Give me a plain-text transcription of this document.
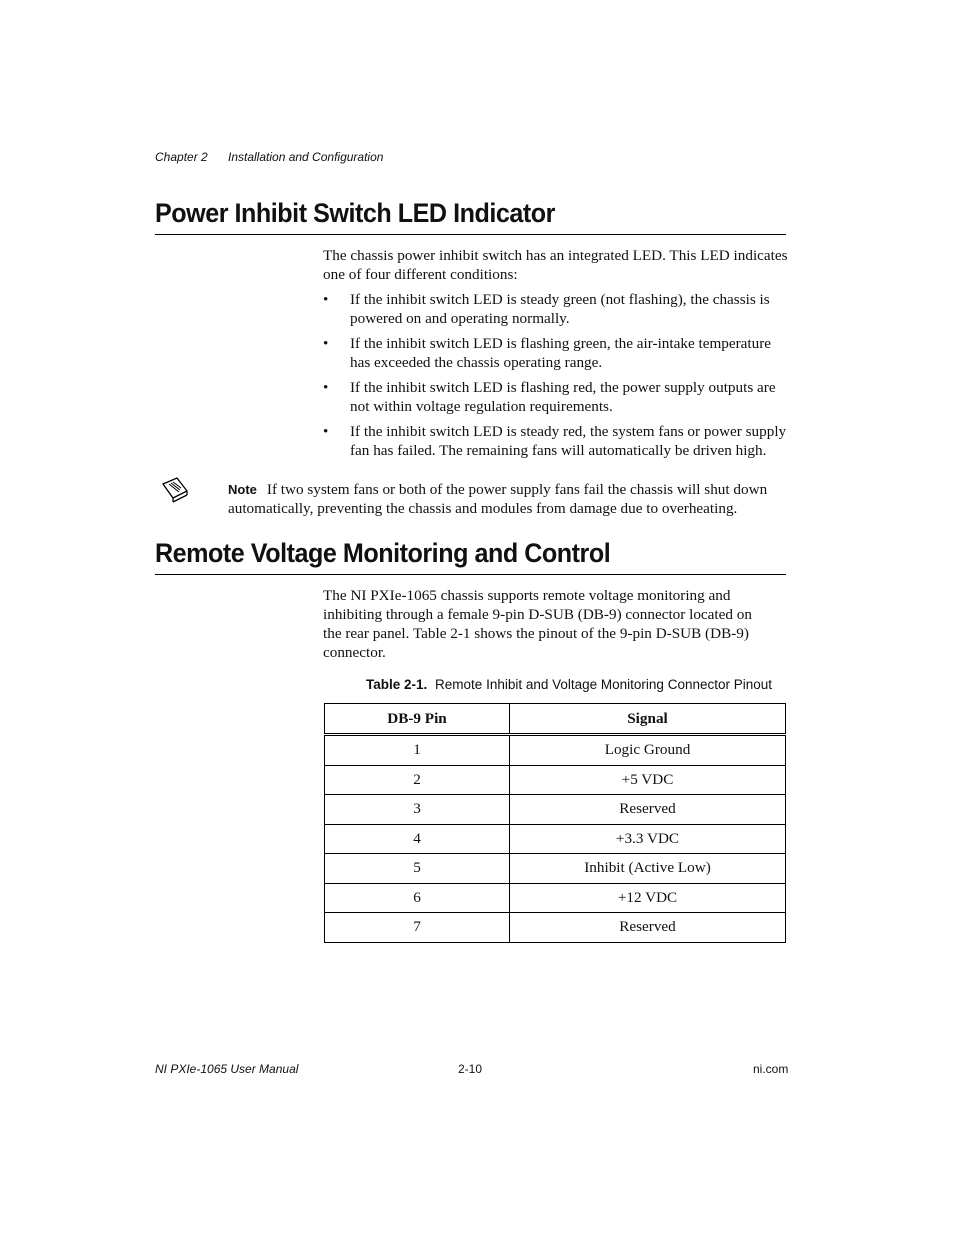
Chapter 2 Installation and Configuration
Power Inhibit Switch LED Indicator

The chassis power inhibit switch has an integrated LED. This LED indicates one of four different conditions:

• If the inhibit switch LED is steady green (not flashing), the chassis is powered on and operating normally.
• If the inhibit switch LED is flashing green, the air-intake temperature has exceeded the chassis operating range.
• If the inhibit switch LED is flashing red, the power supply outputs are not within voltage regulation requirements.
• If the inhibit switch LED is steady red, the system fans or power supply fan has failed. The remaining fans will automatically be driven high.
Note If two system fans or both of the power supply fans fail the chassis will shut down automatically, preventing the chassis and modules from damage due to overheating.
Remote Voltage Monitoring and Control

The NI PXIe-1065 chassis supports remote voltage monitoring and inhibiting through a female 9-pin D-SUB (DB-9) connector located on the rear panel. Table 2-1 shows the pinout of the 9-pin D-SUB (DB-9) connector.

Table 2-1. Remote Inhibit and Voltage Monitoring Connector Pinout
DB-9 Pin	Signal
1	Logic Ground
2	+5 VDC
3	Reserved
4	+3.3 VDC
5	Inhibit (Active Low)
6	+12 VDC
7	Reserved
NI PXIe-1065 User Manual	2-10	ni.com
